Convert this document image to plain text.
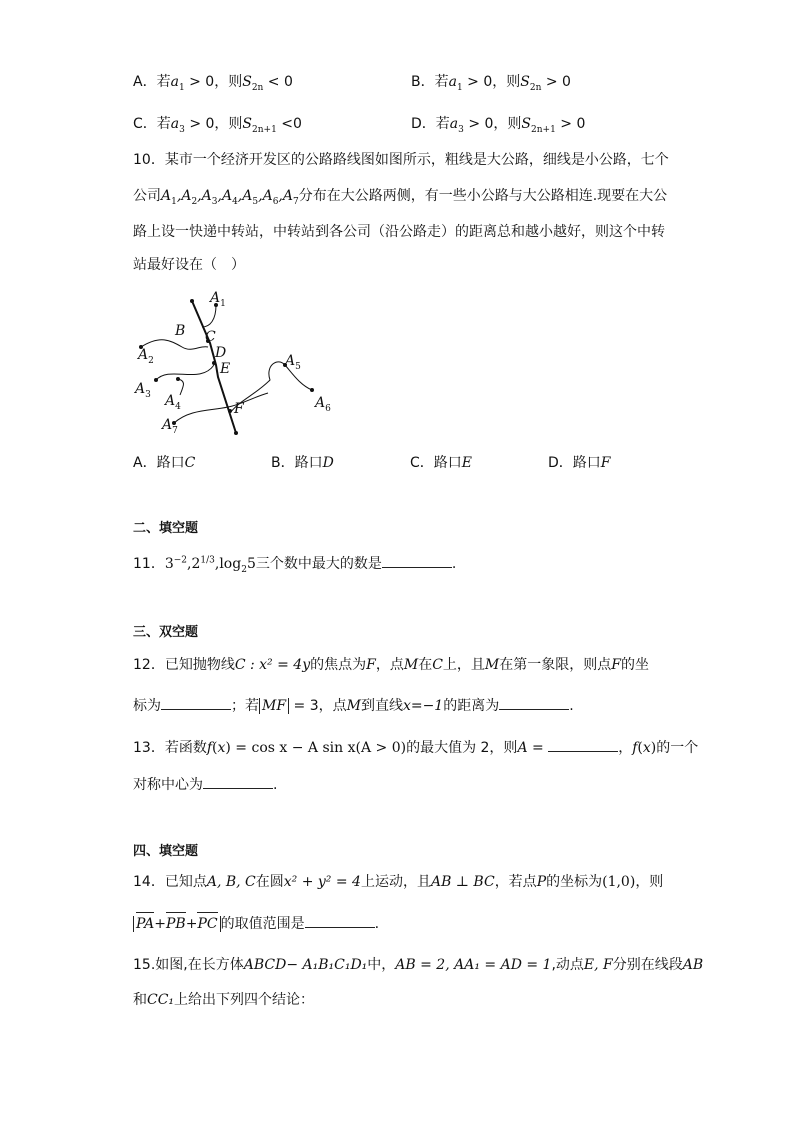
A．若$a_1 > 0$，则$S_{2n} < 0$	B．若$a_1 > 0$，则$S_{2n} > 0$
C．若$a_3 > 0$，则$S_{2n+1} <0$	D．若$a_3 > 0$，则$S_{2n+1} > 0$
10．某市一个经济开发区的公路路线图如图所示，粗线是大公路，细线是小公路，七个
公司$A_1,A_2,A_3,A_4,A_5,A_6,A_7$分布在大公路两侧，有一些小公路与大公路相连.现要在大公
路上设一快递中转站，中转站到各公司（沿公路走）的距离总和越小越好，则这个中转
站最好设在（　）
$A_1$
B C
$A_2$	D
E	$A_5$
$A_3$ $A_4$	$A_6$
F
$A_7$
A．路口C	B．路口D	C．路口E	D．路口F
二、填空题
11．$3^{-2},2^{1/3},\log_25$三个数中最大的数是	.
三、双空题
12．已知抛物线C : x² = 4y的焦点为F，点M在C上，且M在第一象限，则点F的坐
标为	；若 MF = 3，点M到直线x=−1的距离为	.
13．若函数f(x) = cos x − A sin x(A > 0)的最大值为 2，则A =	，f(x)的一个
对称中心为	.
四、填空题
14．已知点A, B, C在圆x² + y² = 4上运动，且AB ⊥ BC，若点P的坐标为(1,0)，则
PA+PB+PC 的取值范围是	.
15.如图,在长方体ABCD− A₁B₁C₁D₁中，AB = 2, AA₁ = AD = 1,动点E, F分别在线段AB
和CC₁上给出下列四个结论：
